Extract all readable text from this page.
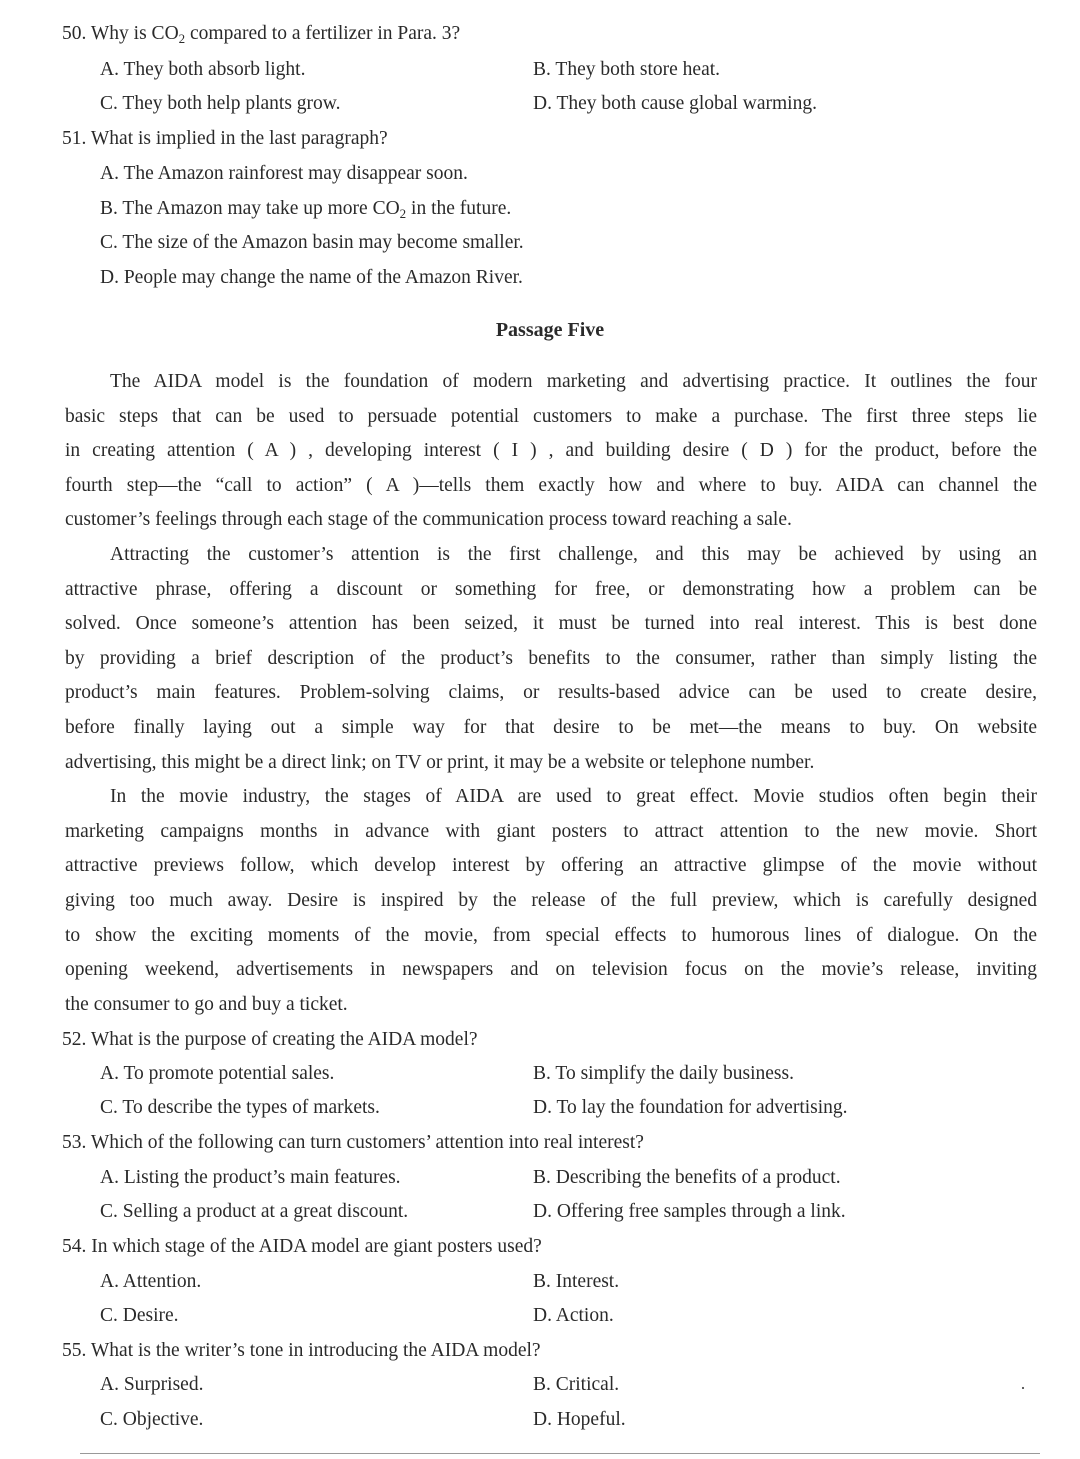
50. Why is $CO_2$ compared to a fertilizer in Para. 3?
A. They both absorb light.	B. They both store heat.
C. They both help plants grow.	D. They both cause global warming.
51. What is implied in the last paragraph?
A. The Amazon rainforest may disappear soon.
B. The Amazon may take up more $CO_2$ in the future.
C. The size of the Amazon basin may become smaller.
D. People may change the name of the Amazon River.
Passage Five
The AIDA model is the foundation of modern marketing and advertising practice. It outlines the four
basic steps that can be used to persuade potential customers to make a purchase. The first three steps lie
in creating attention ( A ) , developing interest ( I ) , and building desire ( D ) for the product, before the
fourth step—the “call to action” ( A )—tells them exactly how and where to buy. AIDA can channel the
customer’s feelings through each stage of the communication process toward reaching a sale.
Attracting the customer’s attention is the first challenge, and this may be achieved by using an
attractive phrase, offering a discount or something for free, or demonstrating how a problem can be
solved. Once someone’s attention has been seized, it must be turned into real interest. This is best done
by providing a brief description of the product’s benefits to the consumer, rather than simply listing the
product’s main features. Problem-solving claims, or results-based advice can be used to create desire,
before finally laying out a simple way for that desire to be met—the means to buy. On website
advertising, this might be a direct link; on TV or print, it may be a website or telephone number.
In the movie industry, the stages of AIDA are used to great effect. Movie studios often begin their
marketing campaigns months in advance with giant posters to attract attention to the new movie. Short
attractive previews follow, which develop interest by offering an attractive glimpse of the movie without
giving too much away. Desire is inspired by the release of the full preview, which is carefully designed
to show the exciting moments of the movie, from special effects to humorous lines of dialogue. On the
opening weekend, advertisements in newspapers and on television focus on the movie’s release, inviting
the consumer to go and buy a ticket.
52. What is the purpose of creating the AIDA model?
A. To promote potential sales.	B. To simplify the daily business.
C. To describe the types of markets.	D. To lay the foundation for advertising.
53. Which of the following can turn customers’ attention into real interest?
A. Listing the product’s main features.	B. Describing the benefits of a product.
C. Selling a product at a great discount.	D. Offering free samples through a link.
54. In which stage of the AIDA model are giant posters used?
A. Attention.	B. Interest.
C. Desire.	D. Action.
55. What is the writer’s tone in introducing the AIDA model?
A. Surprised.	B. Critical.
C. Objective.	D. Hopeful.
·
